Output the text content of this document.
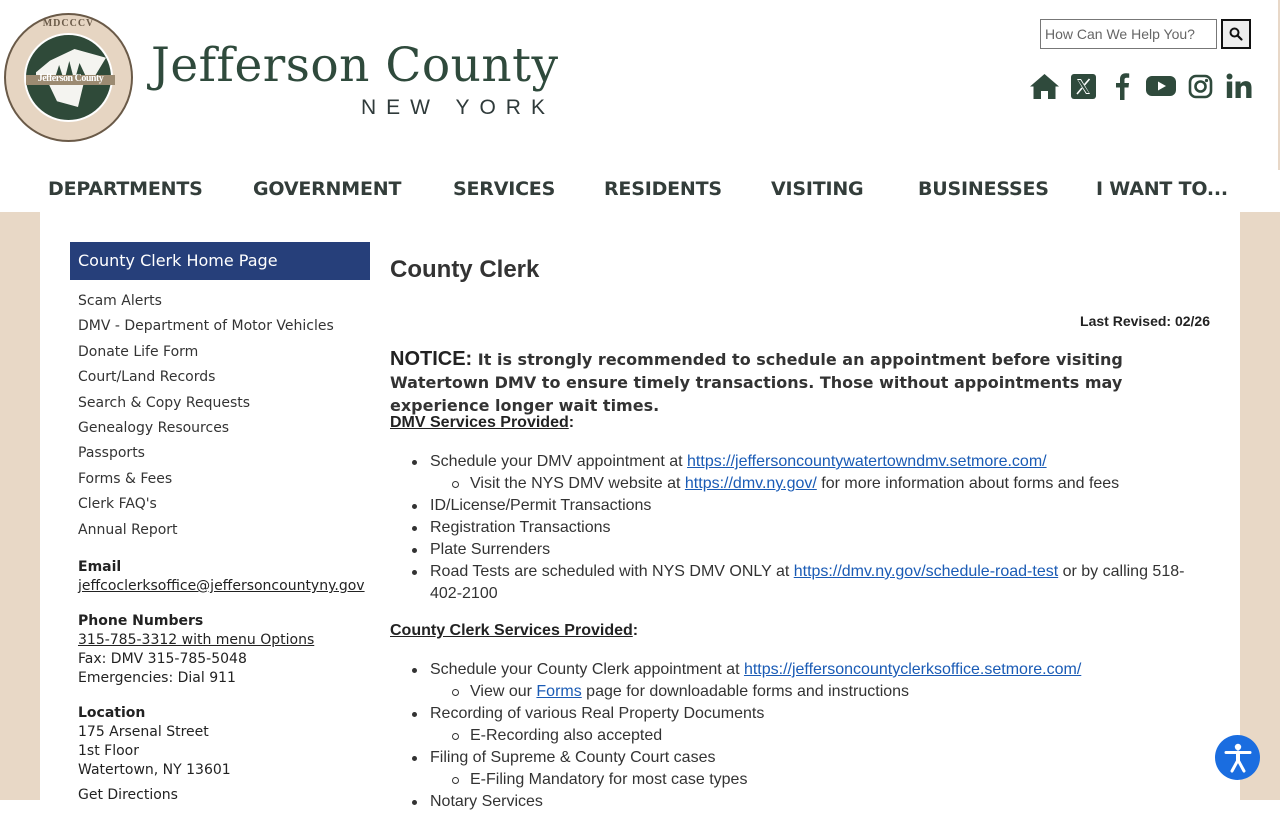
MDCCCV
Jefferson County Jefferson County
NEW YORK
How Can We Help You?
DEPARTMENTS	GOVERNMENT	SERVICES	RESIDENTS	VISITING	BUSINESSES I WANT TO...
County Clerk Home Page
Scam Alerts
DMV - Department of Motor Vehicles
Donate Life Form
Court/Land Records
Search & Copy Requests
Genealogy Resources
Passports
Forms & Fees
Clerk FAQ's
Annual Report
Email
jeffcoclerksoffice@jeffersoncountyny.gov
Phone Numbers
315-785-3312 with menu Options
Fax: DMV 315-785-5048
Emergencies: Dial 911
Location
175 Arsenal Street
1st Floor
Watertown, NY 13601
Get Directions
County Clerk
Last Revised: 02/26
NOTICE: It is strongly recommended to schedule an appointment before visiting Watertown DMV to ensure timely transactions. Those without appointments may experience longer wait times.
DMV Services Provided:
Schedule your DMV appointment at https://jeffersoncountywatertowndmv.setmore.com/
Visit the NYS DMV website at https://dmv.ny.gov/ for more information about forms and fees
ID/License/Permit Transactions
Registration Transactions
Plate Surrenders
Road Tests are scheduled with NYS DMV ONLY at https://dmv.ny.gov/schedule-road-test or by calling 518-402-2100
County Clerk Services Provided:
Schedule your County Clerk appointment at https://jeffersoncountyclerksoffice.setmore.com/
View our Forms page for downloadable forms and instructions
Recording of various Real Property Documents
E-Recording also accepted
Filing of Supreme & County Court cases
E-Filing Mandatory for most case types
Notary Services
